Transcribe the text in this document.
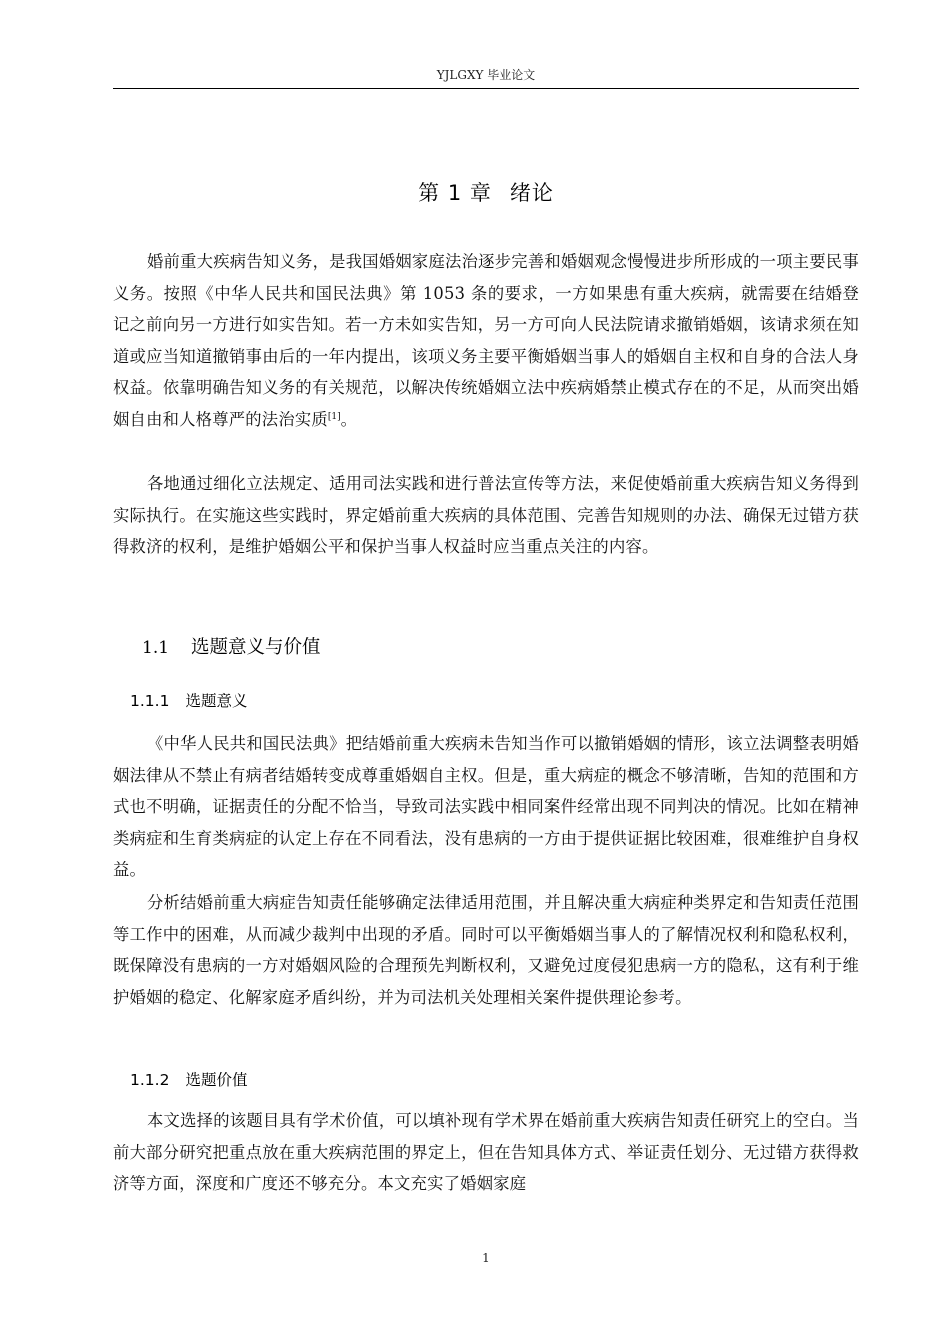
YJLGXY 毕业论文
第 1 章 绪论

婚前重大疾病告知义务，是我国婚姻家庭法治逐步完善和婚姻观念慢慢进步所形成的一项主要民事义务。按照《中华人民共和国民法典》第 1053 条的要求，一方如果患有重大疾病，就需要在结婚登记之前向另一方进行如实告知。若一方未如实告知，另一方可向人民法院请求撤销婚姻，该请求须在知道或应当知道撤销事由后的一年内提出，该项义务主要平衡婚姻当事人的婚姻自主权和自身的合法人身权益。依靠明确告知义务的有关规范，以解决传统婚姻立法中疾病婚禁止模式存在的不足，从而突出婚姻自由和人格尊严的法治实质[1]。

各地通过细化立法规定、适用司法实践和进行普法宣传等方法，来促使婚前重大疾病告知义务得到实际执行。在实施这些实践时，界定婚前重大疾病的具体范围、完善告知规则的办法、确保无过错方获得救济的权利，是维护婚姻公平和保护当事人权益时应当重点关注的内容。

1.1 选题意义与价值
1.1.1 选题意义

《中华人民共和国民法典》把结婚前重大疾病未告知当作可以撤销婚姻的情形，该立法调整表明婚姻法律从不禁止有病者结婚转变成尊重婚姻自主权。但是，重大病症的概念不够清晰，告知的范围和方式也不明确，证据责任的分配不恰当，导致司法实践中相同案件经常出现不同判决的情况。比如在精神类病症和生育类病症的认定上存在不同看法，没有患病的一方由于提供证据比较困难，很难维护自身权益。

分析结婚前重大病症告知责任能够确定法律适用范围，并且解决重大病症种类界定和告知责任范围等工作中的困难，从而减少裁判中出现的矛盾。同时可以平衡婚姻当事人的了解情况权利和隐私权利，既保障没有患病的一方对婚姻风险的合理预先判断权利，又避免过度侵犯患病一方的隐私，这有利于维护婚姻的稳定、化解家庭矛盾纠纷，并为司法机关处理相关案件提供理论参考。

1.1.2 选题价值

本文选择的该题目具有学术价值，可以填补现有学术界在婚前重大疾病告知责任研究上的空白。当前大部分研究把重点放在重大疾病范围的界定上，但在告知具体方式、举证责任划分、无过错方获得救济等方面，深度和广度还不够充分。本文充实了婚姻家庭

1
